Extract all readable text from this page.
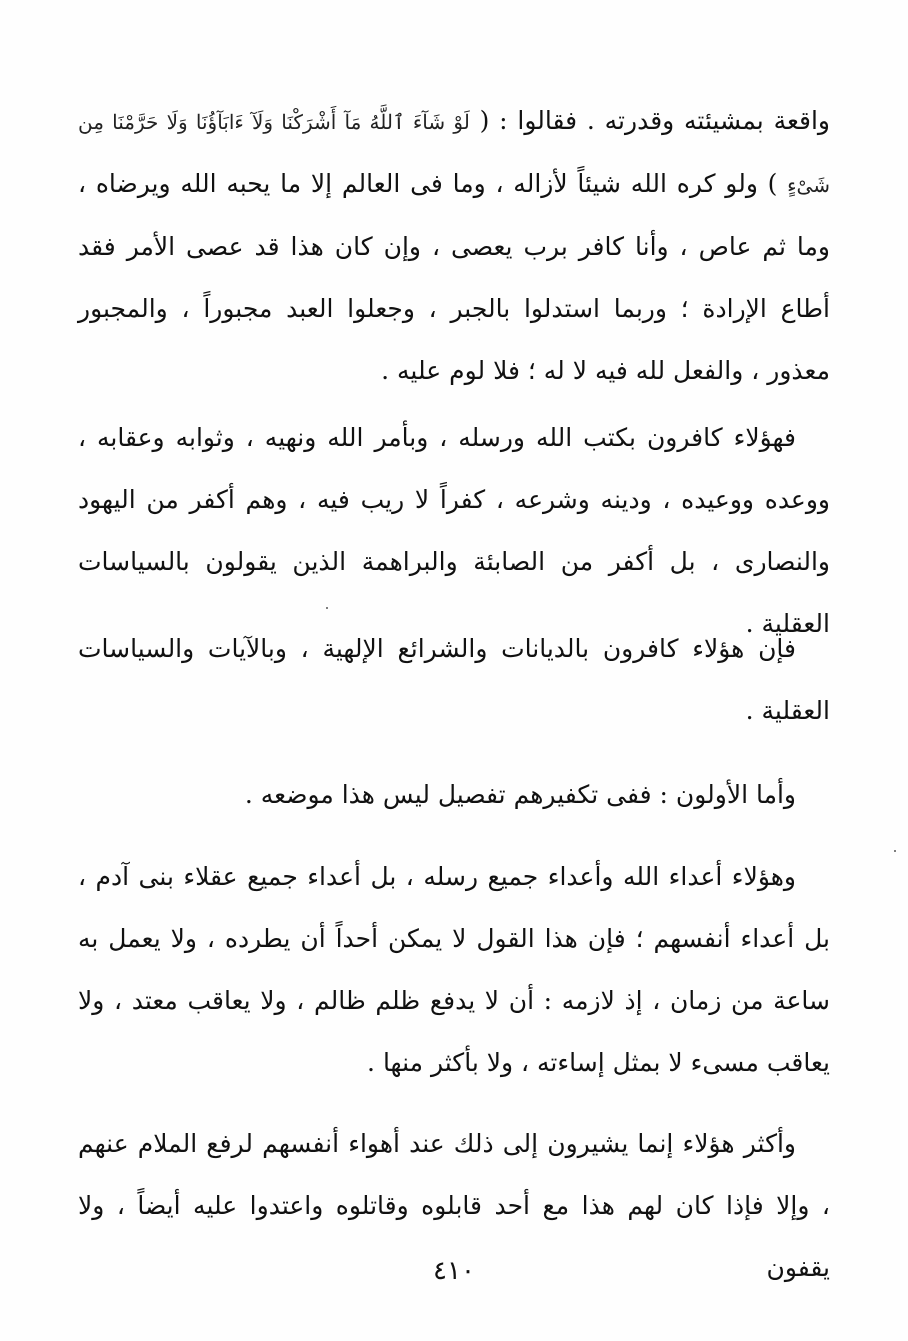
واقعة بمشيئته وقدرته . فقالوا : ( لَوْ شَآءَ ٱللَّهُ مَآ أَشْرَكْنَا وَلَآ ءَابَآؤُنَا وَلَا حَرَّمْنَا مِن شَىْءٍ ) ولو كره الله شيئاً لأزاله ، وما فى العالم إلا ما يحبه الله ويرضاه ، وما ثم عاص ، وأنا كافر برب يعصى ، وإن كان هذا قد عصى الأمر فقد أطاع الإرادة ؛ وربما استدلوا بالجبر ، وجعلوا العبد مجبوراً ، والمجبور معذور ، والفعل لله فيه لا له ؛ فلا لوم عليه .

فهؤلاء كافرون بكتب الله ورسله ، وبأمر الله ونهيه ، وثوابه وعقابه ، ووعده ووعيده ، ودينه وشرعه ، كفراً لا ريب فيه ، وهم أكفر من اليهود والنصارى ، بل أكفر من الصابئة والبراهمة الذين يقولون بالسياسات العقلية .

فإن هؤلاء كافرون بالديانات والشرائع الإلهية ، وبالآيات والسياسات العقلية .

وأما الأولون : ففى تكفيرهم تفصيل ليس هذا موضعه .

وهؤلاء أعداء الله وأعداء جميع رسله ، بل أعداء جميع عقلاء بنى آدم ، بل أعداء أنفسهم ؛ فإن هذا القول لا يمكن أحداً أن يطرده ، ولا يعمل به ساعة من زمان ، إذ لازمه : أن لا يدفع ظلم ظالم ، ولا يعاقب معتد ، ولا يعاقب مسىء لا بمثل إساءته ، ولا بأكثر منها .

وأكثر هؤلاء إنما يشيرون إلى ذلك عند أهواء أنفسهم لرفع الملام عنهم ، وإلا فإذا كان لهم هذا مع أحد قابلوه وقاتلوه واعتدوا عليه أيضاً ، ولا يقفون

٤١٠
